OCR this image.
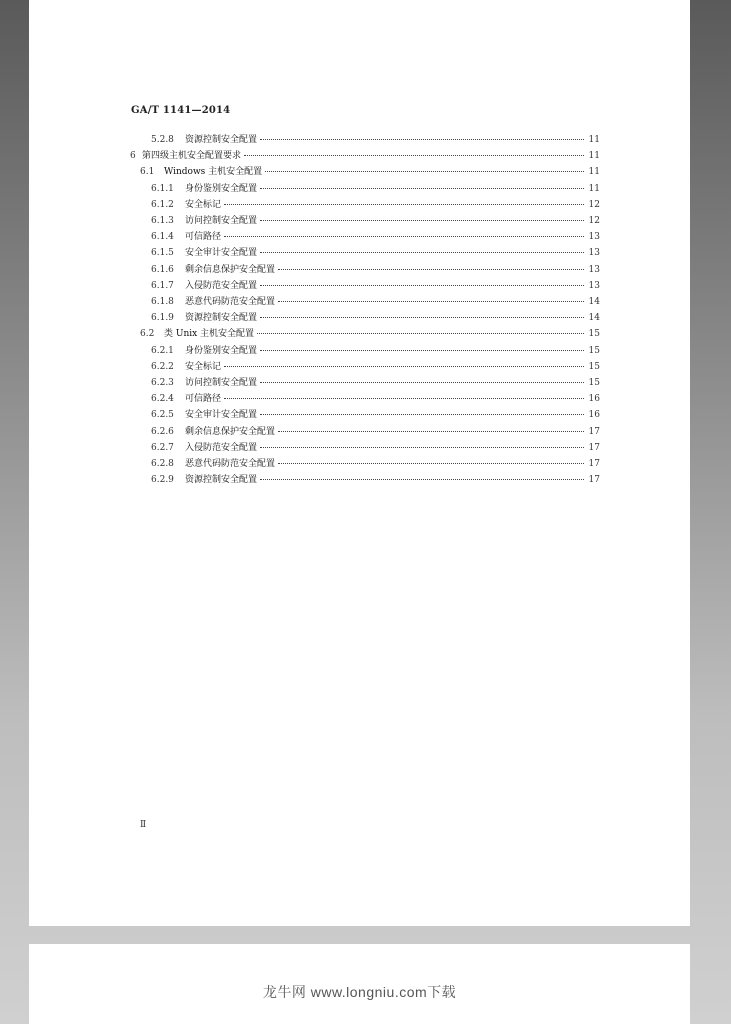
GA/T 1141—2014
5.2.8	资源控制安全配置	11
6 第四级主机安全配置要求	11
6.1	Windows 主机安全配置	11
6.1.1	身份鉴别安全配置	11
6.1.2	安全标记	12
6.1.3	访问控制安全配置	12
6.1.4	可信路径	13
6.1.5	安全审计安全配置	13
6.1.6	剩余信息保护安全配置	13
6.1.7	入侵防范安全配置	13
6.1.8	恶意代码防范安全配置	14
6.1.9	资源控制安全配置	14
6.2	类 Unix 主机安全配置	15
6.2.1	身份鉴别安全配置	15
6.2.2	安全标记	15
6.2.3	访问控制安全配置	15
6.2.4	可信路径	16
6.2.5	安全审计安全配置	16
6.2.6	剩余信息保护安全配置	17
6.2.7	入侵防范安全配置	17
6.2.8	恶意代码防范安全配置	17
6.2.9	资源控制安全配置	17
Ⅱ
龙牛网 www.longniu.com下载
